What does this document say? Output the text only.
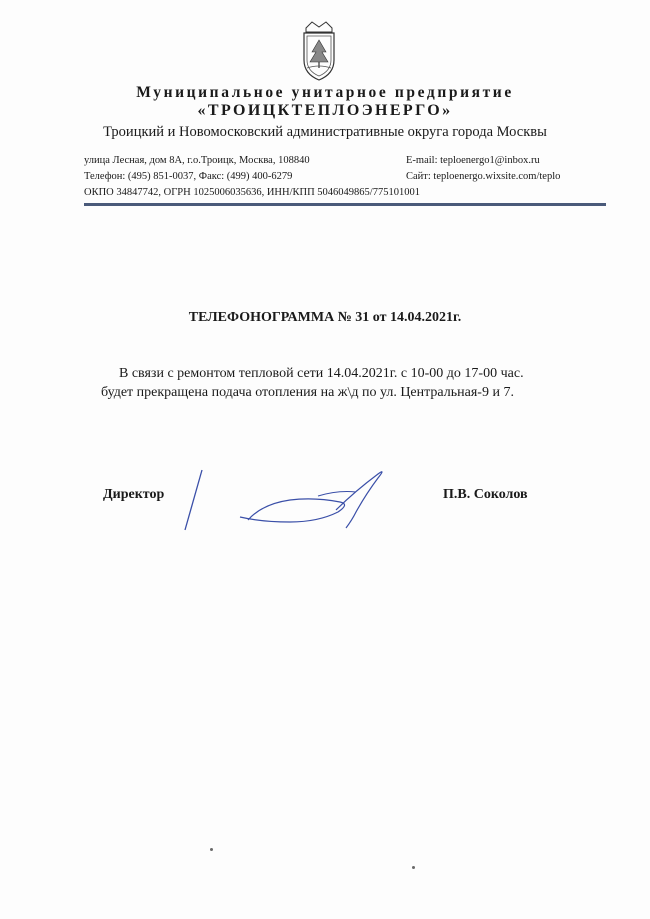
Муниципальное унитарное предприятие
«ТРОИЦКТЕПЛОЭНЕРГО»
Троицкий и Новомосковский административные округа города Москвы
улица Лесная, дом 8А, г.о.Троицк, Москва, 108840
Телефон: (495) 851-0037, Факс: (499) 400-6279
ОКПО 34847742, ОГРН 1025006035636, ИНН/КПП 5046049865/775101001
E-mail: teploenergo1@inbox.ru
Сайт: teploenergo.wixsite.com/teplo
ТЕЛЕФОНОГРАММА № 31 от 14.04.2021г.
В связи с ремонтом тепловой сети 14.04.2021г. с 10-00 до 17-00 час.
будет прекращена подача отопления на ж\д по ул. Центральная-9 и 7.
Директор	П.В. Соколов
